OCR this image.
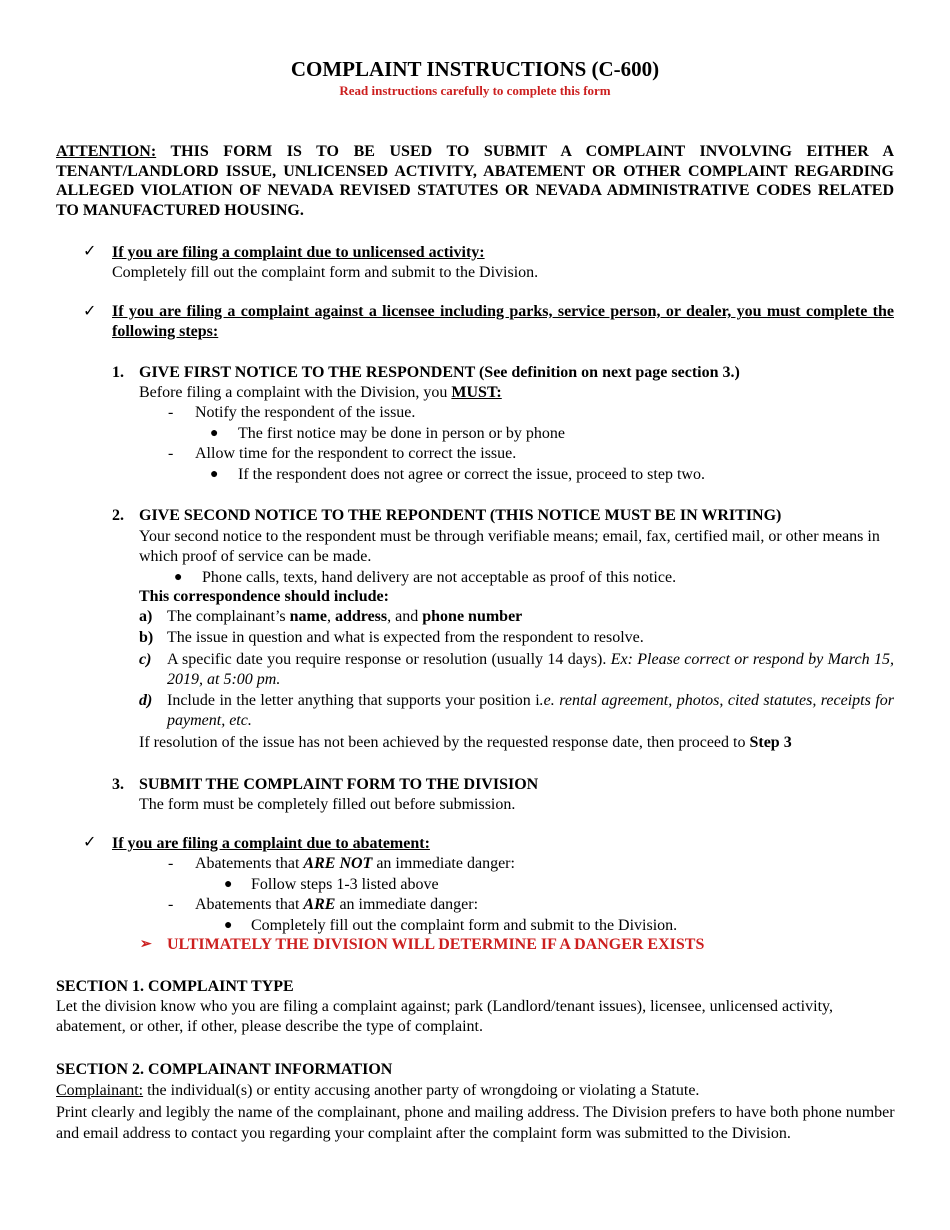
COMPLAINT INSTRUCTIONS (C-600)
Read instructions carefully to complete this form
ATTENTION: THIS FORM IS TO BE USED TO SUBMIT A COMPLAINT INVOLVING EITHER A TENANT/LANDLORD ISSUE, UNLICENSED ACTIVITY, ABATEMENT OR OTHER COMPLAINT REGARDING ALLEGED VIOLATION OF NEVADA REVISED STATUTES OR NEVADA ADMINISTRATIVE CODES RELATED TO MANUFACTURED HOUSING.
✓ If you are filing a complaint due to unlicensed activity:
Completely fill out the complaint form and submit to the Division.
✓ If you are filing a complaint against a licensee including parks, service person, or dealer, you must complete the following steps:
1. GIVE FIRST NOTICE TO THE RESPONDENT (See definition on next page section 3.)
Before filing a complaint with the Division, you MUST:
- Notify the respondent of the issue.
● The first notice may be done in person or by phone
- Allow time for the respondent to correct the issue.
● If the respondent does not agree or correct the issue, proceed to step two.
2. GIVE SECOND NOTICE TO THE REPONDENT (THIS NOTICE MUST BE IN WRITING)
Your second notice to the respondent must be through verifiable means; email, fax, certified mail, or other means in which proof of service can be made.
● Phone calls, texts, hand delivery are not acceptable as proof of this notice.
This correspondence should include:
a) The complainant’s name, address, and phone number
b) The issue in question and what is expected from the respondent to resolve.
c) A specific date you require response or resolution (usually 14 days). Ex: Please correct or respond by March 15, 2019, at 5:00 pm.
d) Include in the letter anything that supports your position i.e. rental agreement, photos, cited statutes, receipts for payment, etc.
If resolution of the issue has not been achieved by the requested response date, then proceed to Step 3
3. SUBMIT THE COMPLAINT FORM TO THE DIVISION
The form must be completely filled out before submission.
✓ If you are filing a complaint due to abatement:
- Abatements that ARE NOT an immediate danger:
● Follow steps 1-3 listed above
- Abatements that ARE an immediate danger:
● Completely fill out the complaint form and submit to the Division.
➢ ULTIMATELY THE DIVISION WILL DETERMINE IF A DANGER EXISTS
SECTION 1. COMPLAINT TYPE
Let the division know who you are filing a complaint against; park (Landlord/tenant issues), licensee, unlicensed activity, abatement, or other, if other, please describe the type of complaint.
SECTION 2. COMPLAINANT INFORMATION
Complainant: the individual(s) or entity accusing another party of wrongdoing or violating a Statute.
Print clearly and legibly the name of the complainant, phone and mailing address. The Division prefers to have both phone number and email address to contact you regarding your complaint after the complaint form was submitted to the Division.
